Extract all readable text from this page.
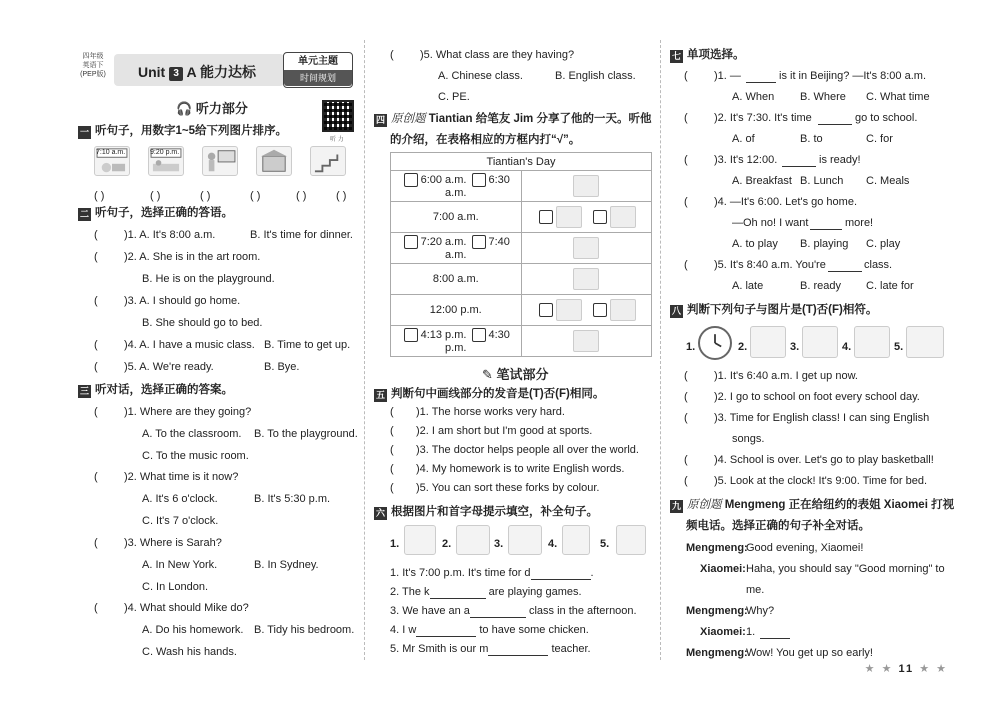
四年级
英语下
(PEP版) Unit 3 A 能力达标
单元主题
时间规划
🎧 听力部分
听 力
一 听句子，用数字1~5给下列图片排序。
7:10 a.m.	9:20 p.m.
( )	( )	( )	( )	( )	( )
二 听句子，选择正确的答语。
( )1. A. It's 8:00 a.m.	B. It's time for dinner.
( )2. A. She is in the art room.
B. He is on the playground.
( )3. A. I should go home.
B. She should go to bed.
( )4. A. I have a music class. B. Time to get up.
( )5. A. We're ready.	B. Bye.
三 听对话，选择正确的答案。
( )1. Where are they going?
A. To the classroom. B. To the playground.
C. To the music room.
( )2. What time is it now?
A. It's 6 o'clock.	B. It's 5:30 p.m.
C. It's 7 o'clock.
( )3. Where is Sarah?
A. In New York.	B. In Sydney.
C. In London.
( )4. What should Mike do?
A. Do his homework. B. Tidy his bedroom.
C. Wash his hands.
( )5. What class are they having?
A. Chinese class.	B. English class.
C. PE.
四 原创题 Tiantian 给笔友 Jim 分享了他的一天。听他
的介绍，在表格相应的方框内打“√”。
Tiantian's Day	
6:00 a.m. 6:30 a.m.	
7:00 a.m.	
7:20 a.m. 7:40 a.m.	
8:00 a.m.	
12:00 p.m.	
4:13 p.m. 4:30 p.m.	
✎ 笔试部分
五 判断句中画线部分的发音是(T)否(F)相同。
( )1. The horse works very hard.
( )2. I am short but I'm good at sports.
( )3. The doctor helps people all over the world.
( )4. My homework is to write English words.
( )5. You can sort these forks by colour.
六 根据图片和首字母提示填空，补全句子。
1.	2.	3.	4.	5.
1. It's 7:00 p.m. It's time for d	.
2. The k	are playing games.
3. We have an a	class in the afternoon.
4. I w	to have some chicken.
5. Mr Smith is our m	teacher.
七 单项选择。
( )1. —	is it in Beijing? —It's 8:00 a.m.
A. When B. Where C. What time
( )2. It's 7:30. It's time	go to school.
A. of	B. to	C. for
( )3. It's 12:00.	is ready!
A. Breakfast B. Lunch C. Meals
( )4. —It's 6:00. Let's go home.
—Oh no! I want	more!
A. to play B. playing C. play
( )5. It's 8:40 a.m. You're	class.
A. late	B. ready C. late for
八 判断下列句子与图片是(T)否(F)相符。
1.	2.	3.	4.	5.
( )1. It's 6:40 a.m. I get up now.
( )2. I go to school on foot every school day.
( )3. Time for English class! I can sing English
songs.
( )4. School is over. Let's go to play basketball!
( )5. Look at the clock! It's 9:00. Time for bed.
九 原创题 Mengmeng 正在给纽约的表姐 Xiaomei 打视
频电话。选择正确的句子补全对话。
Mengmeng:
Good evening, Xiaomei!
Xiaomei: Haha, you should say "Good morning" to
me.
Mengmeng:
Why?
Xiaomei: 1.
Mengmeng:
Wow! You get up so early!
★ ★ 11 ★ ★
